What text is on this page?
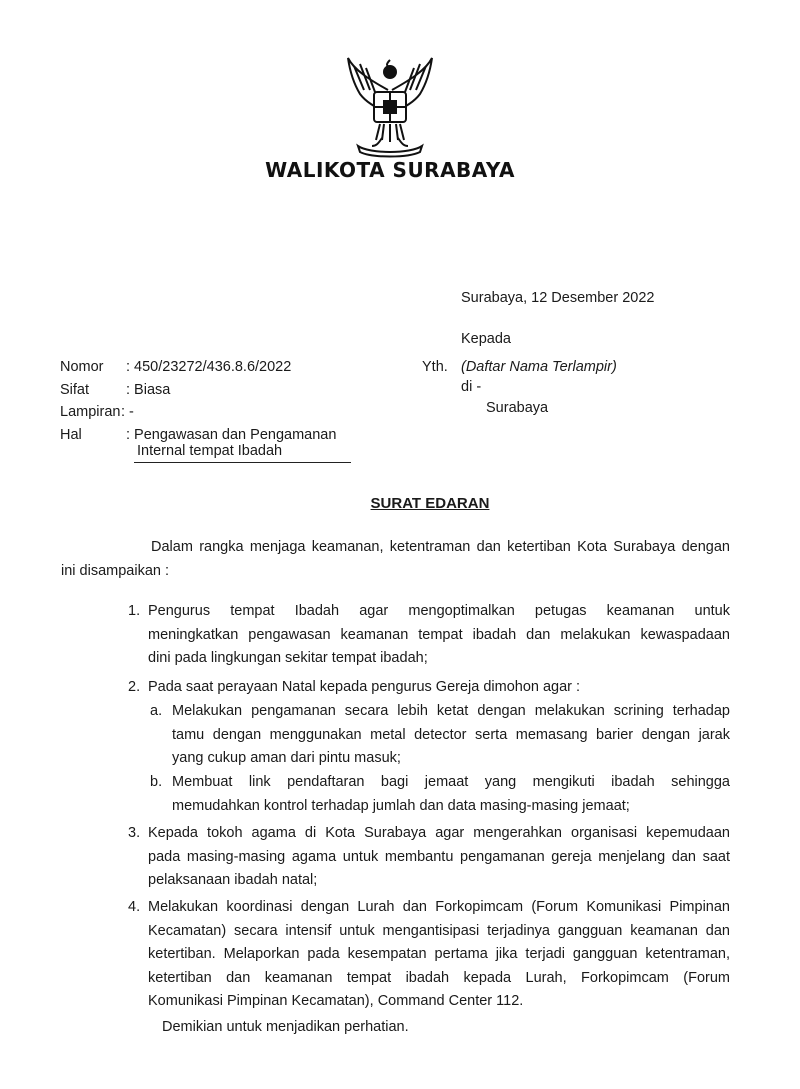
WALIKOTA SURABAYA
Surabaya, 12 Desember 2022
Kepada
Yth. (Daftar Nama Terlampir)
di -
Surabaya
Nomor : 450/23272/436.8.6/2022
Sifat	: Biasa
Lampiran : -
Hal	: Pengawasan dan Pengamanan
Internal tempat Ibadah
SURAT EDARAN
Dalam rangka menjaga keamanan, ketentraman dan ketertiban Kota Surabaya dengan
ini disampaikan :
1. Pengurus tempat Ibadah agar mengoptimalkan petugas keamanan untuk
meningkatkan pengawasan keamanan tempat ibadah dan melakukan kewaspadaan
dini pada lingkungan sekitar tempat ibadah;
2. Pada saat perayaan Natal kepada pengurus Gereja dimohon agar :
a. Melakukan pengamanan secara lebih ketat dengan melakukan scrining terhadap
tamu dengan menggunakan metal detector serta memasang barier dengan jarak
yang cukup aman dari pintu masuk;
b. Membuat link pendaftaran bagi jemaat yang mengikuti ibadah sehingga
memudahkan kontrol terhadap jumlah dan data masing-masing jemaat;
3. Kepada tokoh agama di Kota Surabaya agar mengerahkan organisasi kepemudaan
pada masing-masing agama untuk membantu pengamanan gereja menjelang dan saat
pelaksanaan ibadah natal;
4. Melakukan koordinasi dengan Lurah dan Forkopimcam (Forum Komunikasi Pimpinan
Kecamatan) secara intensif untuk mengantisipasi terjadinya gangguan keamanan dan
ketertiban. Melaporkan pada kesempatan pertama jika terjadi gangguan ketentraman,
ketertiban dan keamanan tempat ibadah kepada Lurah, Forkopimcam (Forum
Komunikasi Pimpinan Kecamatan), Command Center 112.
Demikian untuk menjadikan perhatian.
